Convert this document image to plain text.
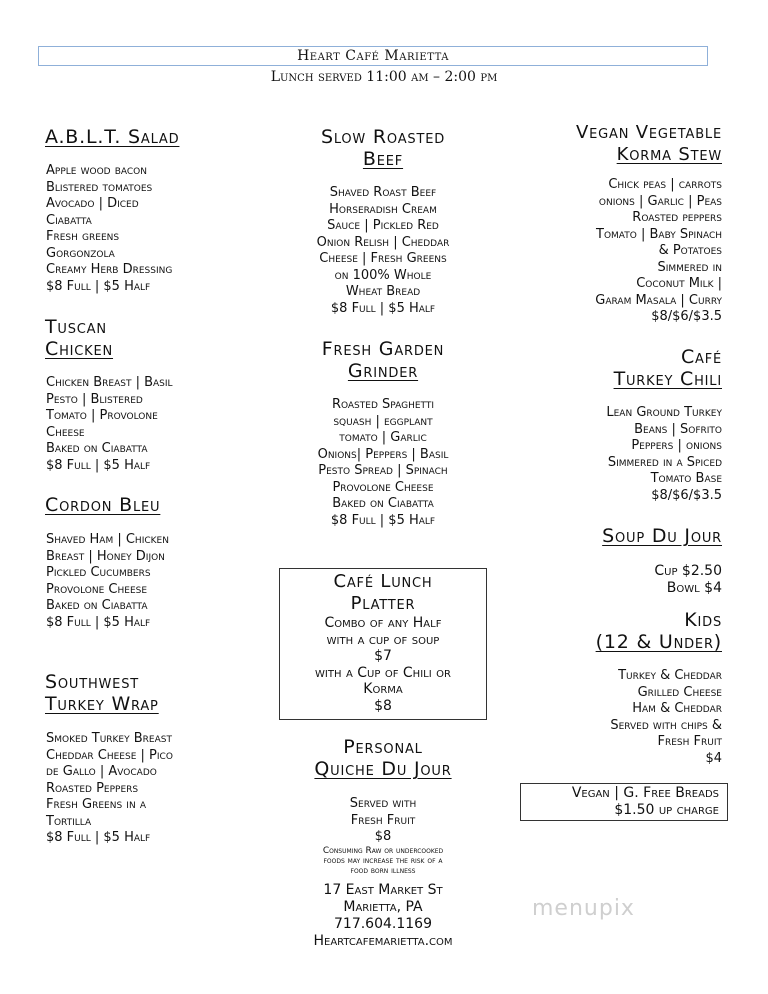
Heart Café Marietta
Lunch served 11:00 am – 2:00 pm
A.B.L.T. Salad
Apple wood bacon
Blistered tomatoes
Avocado | Diced
Ciabatta
Fresh greens
Gorgonzola
Creamy Herb Dressing
$8 Full | $5 Half
Tuscan
Chicken
Chicken Breast | Basil
Pesto | Blistered
Tomato | Provolone
Cheese
Baked on Ciabatta
$8 Full | $5 Half
Cordon Bleu
Shaved Ham | Chicken
Breast | Honey Dijon
Pickled Cucumbers
Provolone Cheese
Baked on Ciabatta
$8 Full | $5 Half
Southwest
Turkey Wrap
Smoked Turkey Breast
Cheddar Cheese | Pico
de Gallo | Avocado
Roasted Peppers
Fresh Greens in a
Tortilla
$8 Full | $5 Half
Slow Roasted
Beef
Shaved Roast Beef
Horseradish Cream
Sauce | Pickled Red
Onion Relish | Cheddar
Cheese | Fresh Greens
on 100% Whole
Wheat Bread
$8 Full | $5 Half
Fresh Garden
Grinder
Roasted Spaghetti
squash | eggplant
tomato | Garlic
Onions| Peppers | Basil
Pesto Spread | Spinach
Provolone Cheese
Baked on Ciabatta
$8 Full | $5 Half
Café Lunch
Platter
Combo of any Half
with a cup of soup
$7
with a Cup of Chili or
Korma
$8
Personal
Quiche Du Jour
Served with
Fresh Fruit
$8
Consuming Raw or undercooked
foods may increase the risk of a
food born illness
17 East Market St
Marietta, PA
717.604.1169
Heartcafemarietta.com
Vegan Vegetable
Korma Stew
Chick peas | carrots
onions | Garlic | Peas
Roasted peppers
Tomato | Baby Spinach
& Potatoes
Simmered in
Coconut Milk |
Garam Masala | Curry
$8/$6/$3.5
Café
Turkey Chili
Lean Ground Turkey
Beans | Sofrito
Peppers | onions
Simmered in a Spiced
Tomato Base
$8/$6/$3.5
Soup Du Jour
Cup $2.50
Bowl $4
Kids
(12 & Under)
Turkey & Cheddar
Grilled Cheese
Ham & Cheddar
Served with chips &
Fresh Fruit
$4
Vegan | G. Free Breads
$1.50 up charge
menupix
